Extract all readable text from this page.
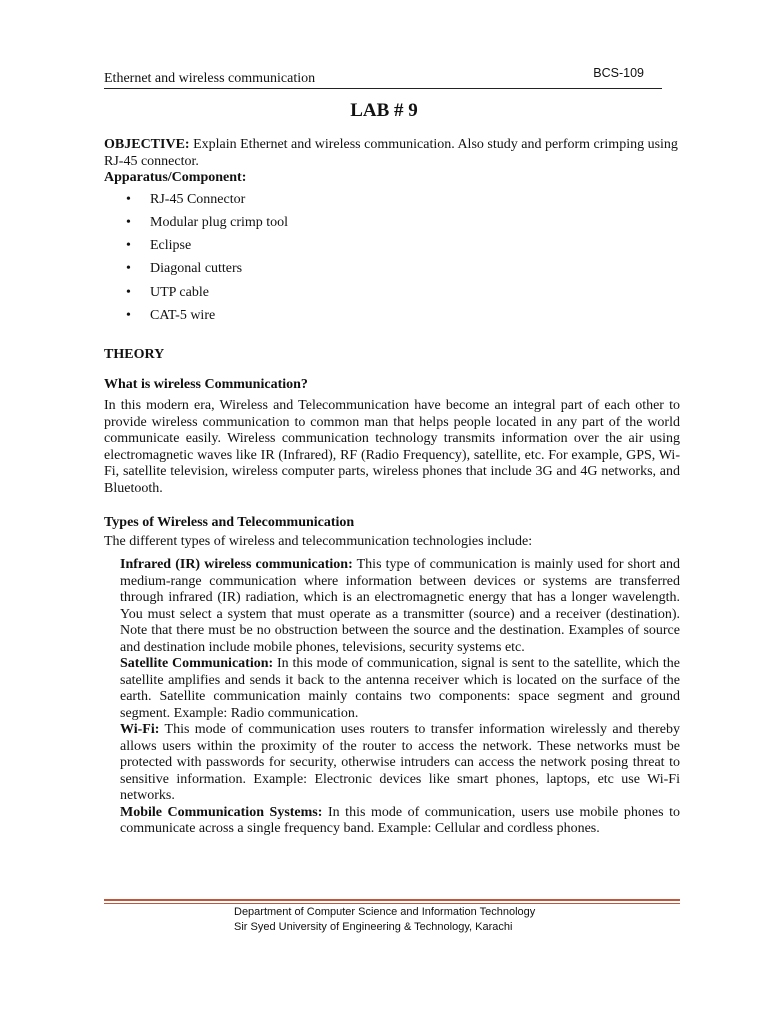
Ethernet and wireless communication	BCS-109
LAB # 9

OBJECTIVE: Explain Ethernet and wireless communication. Also study and perform crimping using RJ-45 connector.

Apparatus/Component:

• RJ-45 Connector
• Modular plug crimp tool
• Eclipse
• Diagonal cutters
• UTP cable
• CAT-5 wire

THEORY

What is wireless Communication?

In this modern era, Wireless and Telecommunication have become an integral part of each other to provide wireless communication to common man that helps people located in any part of the world communicate easily. Wireless communication technology transmits information over the air using electromagnetic waves like IR (Infrared), RF (Radio Frequency), satellite, etc. For example, GPS, Wi-Fi, satellite television, wireless computer parts, wireless phones that include 3G and 4G networks, and Bluetooth.

Types of Wireless and Telecommunication

The different types of wireless and telecommunication technologies include:

Infrared (IR) wireless communication: This type of communication is mainly used for short and medium-range communication where information between devices or systems are transferred through infrared (IR) radiation, which is an electromagnetic energy that has a longer wavelength. You must select a system that must operate as a transmitter (source) and a receiver (destination). Note that there must be no obstruction between the source and the destination. Examples of source and destination include mobile phones, televisions, security systems etc.

Satellite Communication: In this mode of communication, signal is sent to the satellite, which the satellite amplifies and sends it back to the antenna receiver which is located on the surface of the earth. Satellite communication mainly contains two components: space segment and ground segment. Example: Radio communication.

Wi-Fi: This mode of communication uses routers to transfer information wirelessly and thereby allows users within the proximity of the router to access the network. These networks must be protected with passwords for security, otherwise intruders can access the network posing threat to sensitive information. Example: Electronic devices like smart phones, laptops, etc use Wi-Fi networks.

Mobile Communication Systems: In this mode of communication, users use mobile phones to communicate across a single frequency band. Example: Cellular and cordless phones.

Department of Computer Science and Information Technology
Sir Syed University of Engineering & Technology, Karachi
